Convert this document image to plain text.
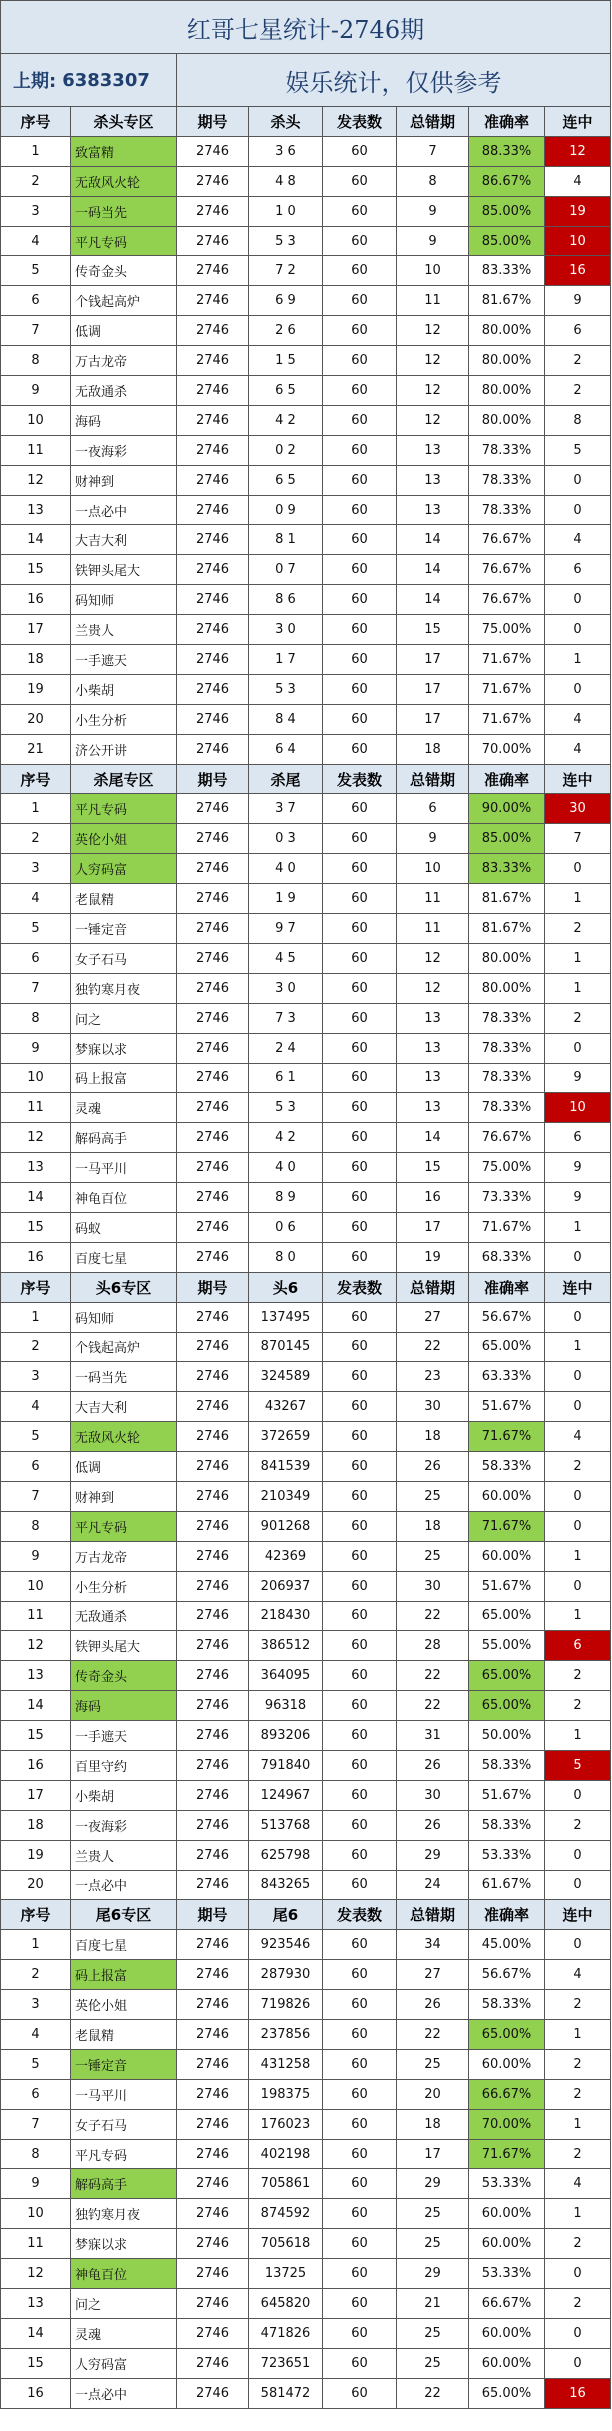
红哥七星统计-2746期
上期: 6383307	娱乐统计，仅供参考
序号	杀头专区	期号	杀头	发表数	总错期	准确率	连中
1	致富精	2746	3 6	60	7	88.33%	12
2	无敌风火轮	2746	4 8	60	8	86.67%	4
3	一码当先	2746	1 0	60	9	85.00%	19
4	平凡专码	2746	5 3	60	9	85.00%	10
5	传奇金头	2746	7 2	60	10	83.33%	16
6	个钱起高炉	2746	6 9	60	11	81.67%	9
7	低调	2746	2 6	60	12	80.00%	6
8	万古龙帝	2746	1 5	60	12	80.00%	2
9	无敌通杀	2746	6 5	60	12	80.00%	2
10	海码	2746	4 2	60	12	80.00%	8
11	一夜海彩	2746	0 2	60	13	78.33%	5
12	财神到	2746	6 5	60	13	78.33%	0
13	一点必中	2746	0 9	60	13	78.33%	0
14	大吉大利	2746	8 1	60	14	76.67%	4
15	铁钾头尾大	2746	0 7	60	14	76.67%	6
16	码知师	2746	8 6	60	14	76.67%	0
17	兰贵人	2746	3 0	60	15	75.00%	0
18	一手遮天	2746	1 7	60	17	71.67%	1
19	小柴胡	2746	5 3	60	17	71.67%	0
20	小生分析	2746	8 4	60	17	71.67%	4
21	济公开讲	2746	6 4	60	18	70.00%	4
序号	杀尾专区	期号	杀尾	发表数	总错期	准确率	连中
1	平凡专码	2746	3 7	60	6	90.00%	30
2	英伦小姐	2746	0 3	60	9	85.00%	7
3	人穷码富	2746	4 0	60	10	83.33%	0
4	老鼠精	2746	1 9	60	11	81.67%	1
5	一锤定音	2746	9 7	60	11	81.67%	2
6	女子石马	2746	4 5	60	12	80.00%	1
7	独钓寒月夜	2746	3 0	60	12	80.00%	1
8	问之	2746	7 3	60	13	78.33%	2
9	梦寐以求	2746	2 4	60	13	78.33%	0
10	码上报富	2746	6 1	60	13	78.33%	9
11	灵魂	2746	5 3	60	13	78.33%	10
12	解码高手	2746	4 2	60	14	76.67%	6
13	一马平川	2746	4 0	60	15	75.00%	9
14	神龟百位	2746	8 9	60	16	73.33%	9
15	码蚁	2746	0 6	60	17	71.67%	1
16	百度七星	2746	8 0	60	19	68.33%	0
序号	头6专区	期号	头6	发表数	总错期	准确率	连中
1	码知师	2746	137495	60	27	56.67%	0
2	个钱起高炉	2746	870145	60	22	65.00%	1
3	一码当先	2746	324589	60	23	63.33%	0
4	大吉大利	2746	43267	60	30	51.67%	0
5	无敌风火轮	2746	372659	60	18	71.67%	4
6	低调	2746	841539	60	26	58.33%	2
7	财神到	2746	210349	60	25	60.00%	0
8	平凡专码	2746	901268	60	18	71.67%	0
9	万古龙帝	2746	42369	60	25	60.00%	1
10	小生分析	2746	206937	60	30	51.67%	0
11	无敌通杀	2746	218430	60	22	65.00%	1
12	铁钾头尾大	2746	386512	60	28	55.00%	6
13	传奇金头	2746	364095	60	22	65.00%	2
14	海码	2746	96318	60	22	65.00%	2
15	一手遮天	2746	893206	60	31	50.00%	1
16	百里守约	2746	791840	60	26	58.33%	5
17	小柴胡	2746	124967	60	30	51.67%	0
18	一夜海彩	2746	513768	60	26	58.33%	2
19	兰贵人	2746	625798	60	29	53.33%	0
20	一点必中	2746	843265	60	24	61.67%	0
序号	尾6专区	期号	尾6	发表数	总错期	准确率	连中
1	百度七星	2746	923546	60	34	45.00%	0
2	码上报富	2746	287930	60	27	56.67%	4
3	英伦小姐	2746	719826	60	26	58.33%	2
4	老鼠精	2746	237856	60	22	65.00%	1
5	一锤定音	2746	431258	60	25	60.00%	2
6	一马平川	2746	198375	60	20	66.67%	2
7	女子石马	2746	176023	60	18	70.00%	1
8	平凡专码	2746	402198	60	17	71.67%	2
9	解码高手	2746	705861	60	29	53.33%	4
10	独钓寒月夜	2746	874592	60	25	60.00%	1
11	梦寐以求	2746	705618	60	25	60.00%	2
12	神龟百位	2746	13725	60	29	53.33%	0
13	问之	2746	645820	60	21	66.67%	2
14	灵魂	2746	471826	60	25	60.00%	0
15	人穷码富	2746	723651	60	25	60.00%	0
16	一点必中	2746	581472	60	22	65.00%	16
